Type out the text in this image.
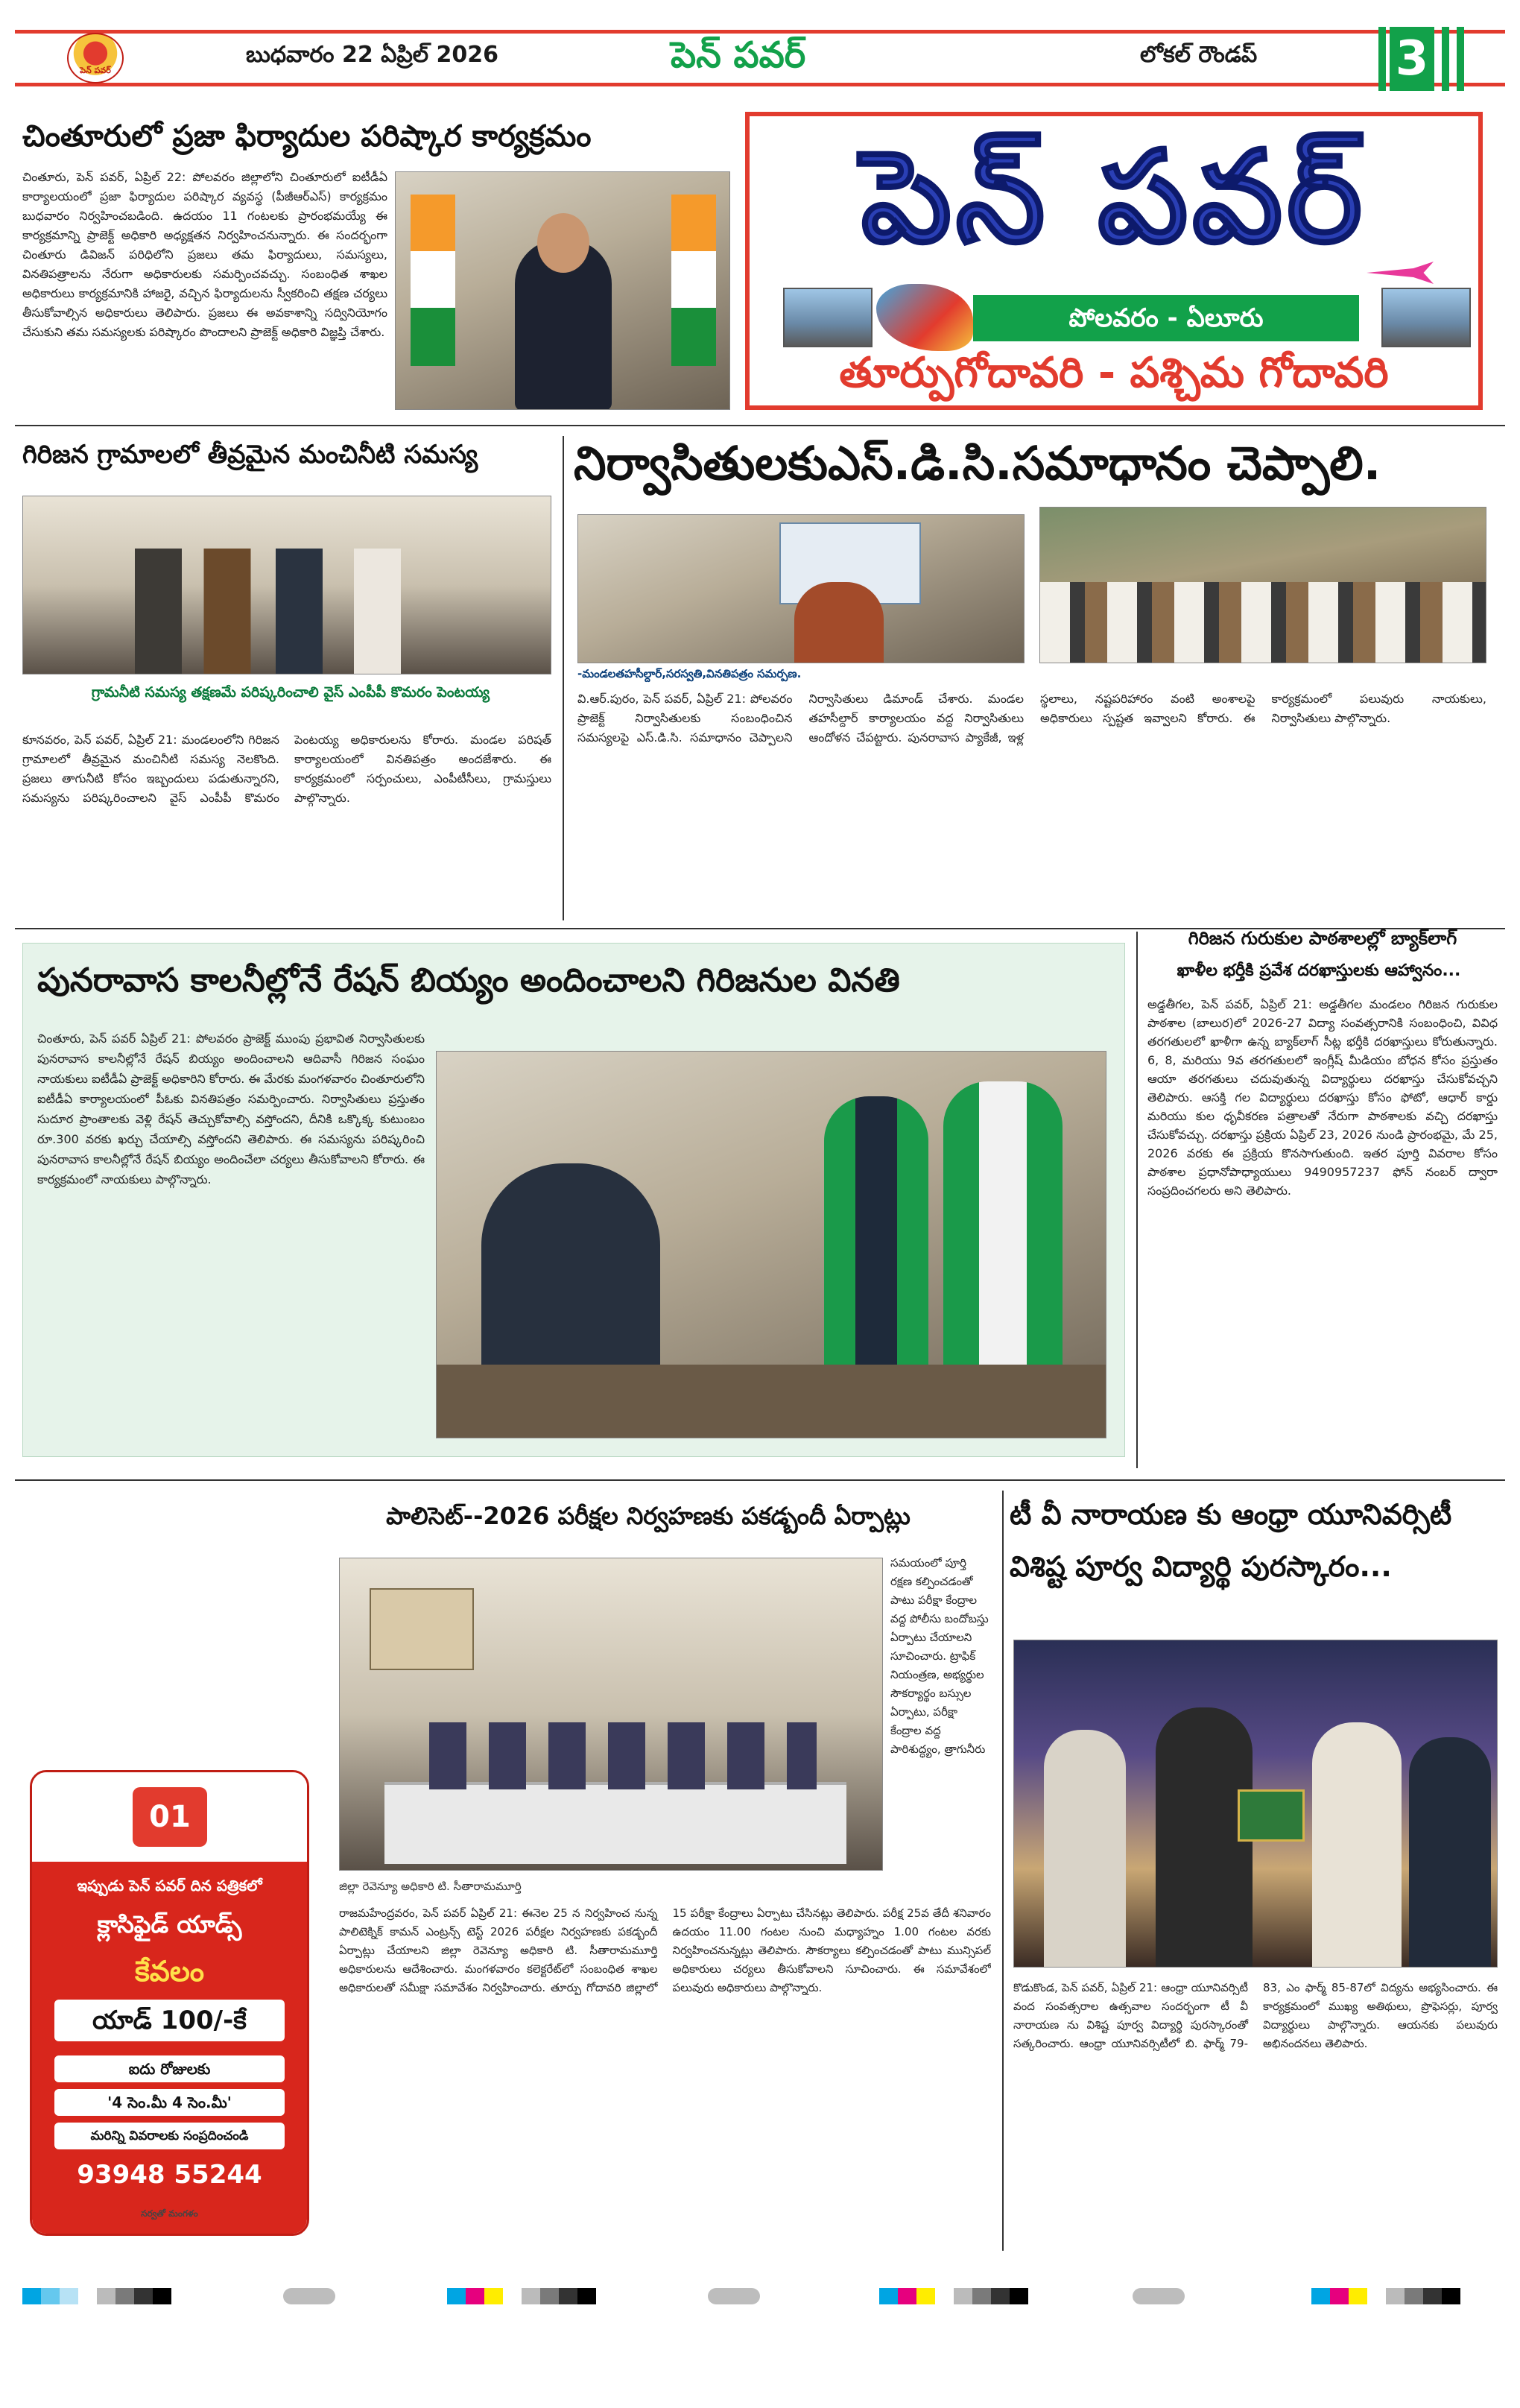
పెన్ పవర్
బుధవారం 22 ఏప్రిల్ 2026	పెన్ పవర్	లోకల్ రౌండప్	3
చింతూరులో ప్రజా ఫిర్యాదుల పరిష్కార కార్యక్రమం
చింతూరు, పెన్ పవర్, ఏప్రిల్ 22: పోలవరం జిల్లాలోని చింతూరులో ఐటీడీఏ కార్యాలయంలో ప్రజా ఫిర్యాదుల పరిష్కార వ్యవస్థ (పీజీఆర్ఎస్) కార్యక్రమం బుధవారం నిర్వహించబడింది. ఉదయం 11 గంటలకు ప్రారంభమయ్యే ఈ కార్యక్రమాన్ని ప్రాజెక్ట్ అధికారి అధ్యక్షతన నిర్వహించనున్నారు. ఈ సందర్భంగా చింతూరు డివిజన్ పరిధిలోని ప్రజలు తమ ఫిర్యాదులు, సమస్యలు, వినతిపత్రాలను నేరుగా అధికారులకు సమర్పించవచ్చు. సంబంధిత శాఖల అధికారులు కార్యక్రమానికి హాజరై, వచ్చిన ఫిర్యాదులను స్వీకరించి తక్షణ చర్యలు తీసుకోవాల్సిన అధికారులు తెలిపారు. ప్రజలు ఈ అవకాశాన్ని సద్వినియోగం చేసుకుని తమ సమస్యలకు పరిష్కారం పొందాలని ప్రాజెక్ట్ అధికారి విజ్ఞప్తి చేశారు.
పెన్ పవర్
పోలవరం - ఏలూరు
తూర్పుగోదావరి - పశ్చిమ గోదావరి
గిరిజన గ్రామాలలో తీవ్రమైన మంచినీటి సమస్య
గ్రామనీటి సమస్య తక్షణమే పరిష్కరించాలి వైస్ ఎంపీపీ కొమరం పెంటయ్య
కూనవరం, పెన్ పవర్, ఏప్రిల్ 21: మండలంలోని గిరిజన గ్రామాలలో తీవ్రమైన మంచినీటి సమస్య నెలకొంది. ప్రజలు తాగునీటి కోసం ఇబ్బందులు పడుతున్నారని, సమస్యను పరిష్కరించాలని వైస్ ఎంపీపీ కొమరం పెంటయ్య అధికారులను కోరారు. మండల పరిషత్ కార్యాలయంలో వినతిపత్రం అందజేశారు. ఈ కార్యక్రమంలో సర్పంచులు, ఎంపీటీసీలు, గ్రామస్తులు పాల్గొన్నారు.
నిర్వాసితులకుఎస్.డి.సి.సమాధానం చెప్పాలి.
-మండలతహసీల్దార్,సరస్వతి,వినతిపత్రం సమర్పణ.
వి.ఆర్.పురం, పెన్ పవర్, ఏప్రిల్ 21: పోలవరం ప్రాజెక్ట్ నిర్వాసితులకు సంబంధించిన సమస్యలపై ఎస్.డి.సి. సమాధానం చెప్పాలని నిర్వాసితులు డిమాండ్ చేశారు. మండల తహసీల్దార్ కార్యాలయం వద్ద నిర్వాసితులు ఆందోళన చేపట్టారు. పునరావాస ప్యాకేజీ, ఇళ్ల స్థలాలు, నష్టపరిహారం వంటి అంశాలపై అధికారులు స్పష్టత ఇవ్వాలని కోరారు. ఈ కార్యక్రమంలో పలువురు నాయకులు, నిర్వాసితులు పాల్గొన్నారు.
పునరావాస కాలనీల్లోనే రేషన్ బియ్యం అందించాలని గిరిజనుల వినతి
చింతూరు, పెన్ పవర్ ఏప్రిల్ 21: పోలవరం ప్రాజెక్ట్ ముంపు ప్రభావిత నిర్వాసితులకు పునరావాస కాలనీల్లోనే రేషన్ బియ్యం అందించాలని ఆదివాసీ గిరిజన సంఘం నాయకులు ఐటీడీఏ ప్రాజెక్ట్ అధికారిని కోరారు. ఈ మేరకు మంగళవారం చింతూరులోని ఐటీడీఏ కార్యాలయంలో పీఓకు వినతిపత్రం సమర్పించారు. నిర్వాసితులు ప్రస్తుతం సుదూర ప్రాంతాలకు వెళ్లి రేషన్ తెచ్చుకోవాల్సి వస్తోందని, దీనికి ఒక్కొక్క కుటుంబం రూ.300 వరకు ఖర్చు చేయాల్సి వస్తోందని తెలిపారు. ఈ సమస్యను పరిష్కరించి పునరావాస కాలనీల్లోనే రేషన్ బియ్యం అందించేలా చర్యలు తీసుకోవాలని కోరారు. ఈ కార్యక్రమంలో నాయకులు పాల్గొన్నారు.
గిరిజన గురుకుల పాఠశాలల్లో బ్యాక్‌లాగ్
ఖాళీల భర్తీకి ప్రవేశ దరఖాస్తులకు ఆహ్వానం...
అడ్డతీగల, పెన్ పవర్, ఏప్రిల్ 21: అడ్డతీగల మండలం గిరిజన గురుకుల పాఠశాల (బాలుర)లో 2026-27 విద్యా సంవత్సరానికి సంబంధించి, వివిధ తరగతులలో ఖాళీగా ఉన్న బ్యాక్‌లాగ్ సీట్ల భర్తీకి దరఖాస్తులు కోరుతున్నారు. 6, 8, మరియు 9వ తరగతులలో ఇంగ్లీష్ మీడియం బోధన కోసం ప్రస్తుతం ఆయా తరగతులు చదువుతున్న విద్యార్థులు దరఖాస్తు చేసుకోవచ్చని తెలిపారు. ఆసక్తి గల విద్యార్థులు దరఖాస్తు కోసం ఫోటో, ఆధార్ కార్డు మరియు కుల ధృవీకరణ పత్రాలతో నేరుగా పాఠశాలకు వచ్చి దరఖాస్తు చేసుకోవచ్చు. దరఖాస్తు ప్రక్రియ ఏప్రిల్ 23, 2026 నుండి ప్రారంభమై, మే 25, 2026 వరకు ఈ ప్రక్రియ కొనసాగుతుంది. ఇతర పూర్తి వివరాల కోసం పాఠశాల ప్రధానోపాధ్యాయులు 9490957237 ఫోన్ నంబర్ ద్వారా సంప్రదించగలరు అని తెలిపారు.
పాలిసెట్--2026 పరీక్షల నిర్వహణకు పకడ్బందీ ఏర్పాట్లు
జిల్లా రెవెన్యూ అధికారి టి. సీతారామమూర్తి
సమయంలో పూర్తి రక్షణ కల్పించడంతో పాటు పరీక్షా కేంద్రాల వద్ద పోలీసు బందోబస్తు ఏర్పాటు చేయాలని సూచించారు. ట్రాఫిక్ నియంత్రణ, అభ్యర్థుల సౌకర్యార్థం బస్సుల ఏర్పాటు, పరీక్షా కేంద్రాల వద్ద పారిశుద్ధ్యం, త్రాగునీరు
రాజమహేంద్రవరం, పెన్ పవర్ ఏప్రిల్ 21: ఈనెల 25 న నిర్వహించ నున్న పాలిటెక్నిక్ కామన్ ఎంట్రన్స్ టెస్ట్ 2026 పరీక్షల నిర్వహణకు పకడ్బందీ ఏర్పాట్లు చేయాలని జిల్లా రెవెన్యూ అధికారి టి. సీతారామమూర్తి అధికారులను ఆదేశించారు. మంగళవారం కలెక్టరేట్‌లో సంబంధిత శాఖల అధికారులతో సమీక్షా సమావేశం నిర్వహించారు. తూర్పు గోదావరి జిల్లాలో 15 పరీక్షా కేంద్రాలు ఏర్పాటు చేసినట్లు తెలిపారు. పరీక్ష 25వ తేదీ శనివారం ఉదయం 11.00 గంటల నుంచి మధ్యాహ్నం 1.00 గంటల వరకు నిర్వహించనున్నట్లు తెలిపారు. సౌకర్యాలు కల్పించడంతో పాటు మున్సిపల్ అధికారులు చర్యలు తీసుకోవాలని సూచించారు. ఈ సమావేశంలో పలువురు అధికారులు పాల్గొన్నారు.
టీ వీ నారాయణ కు ఆంధ్రా యూనివర్సిటీ
విశిష్ట పూర్వ విద్యార్థి పురస్కారం...
కొడుకొండ, పెన్ పవర్, ఏప్రిల్ 21: ఆంధ్రా యూనివర్సిటీ వంద సంవత్సరాల ఉత్సవాల సందర్భంగా టీ వీ నారాయణ ను విశిష్ట పూర్వ విద్యార్థి పురస్కారంతో సత్కరించారు. ఆంధ్రా యూనివర్సిటీలో బి. ఫార్మ్ 79-83, ఎం ఫార్మ్ 85-87లో విద్యను అభ్యసించారు. ఈ కార్యక్రమంలో ముఖ్య అతిథులు, ప్రొఫెసర్లు, పూర్వ విద్యార్థులు పాల్గొన్నారు. ఆయనకు పలువురు అభినందనలు తెలిపారు.
01
ఇప్పుడు పెన్ పవర్ దిన పత్రికలో
క్లాసిఫైడ్ యాడ్స్
కేవలం
యాడ్ 100/-కే
ఐదు రోజులకు
'4 సెం.మీ 4 సెం.మీ'
మరిన్ని వివరాలకు సంప్రదించండి
93948 55244
సర్వతో మంగళం
